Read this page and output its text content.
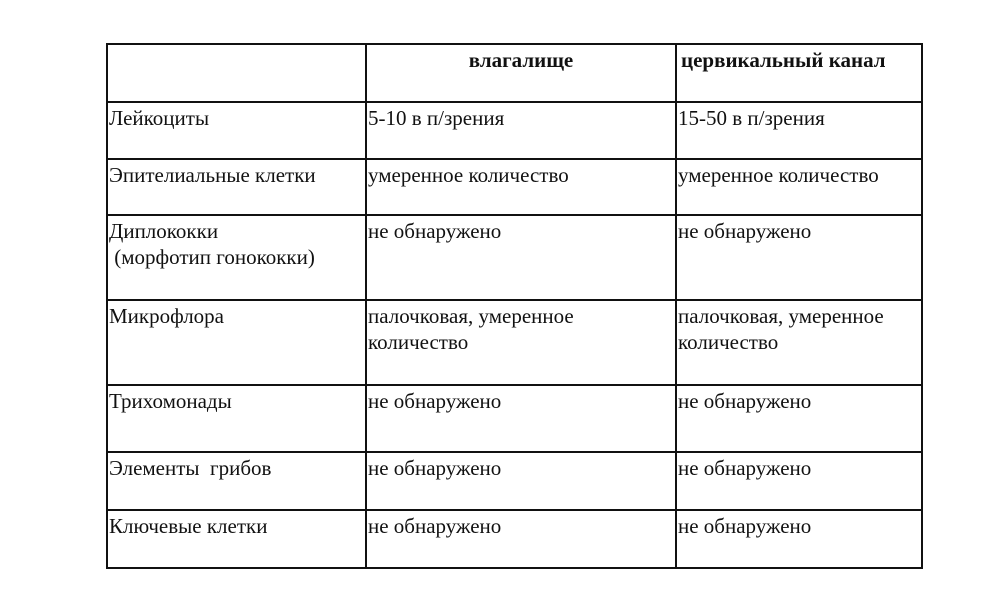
	влагалище	цервикальный канал
Лейкоциты	5-10 в п/зрения	15-50 в п/зрения
Эпителиальные клетки	умеренное количество	умеренное количество
Диплококки
(морфотип гонококки)	не обнаружено	не обнаружено
Микрофлора	палочковая, умеренное количество	палочковая, умеренное количество
Трихомонады	не обнаружено	не обнаружено
Элементы  грибов	не обнаружено	не обнаружено
Ключевые клетки	не обнаружено	не обнаружено
